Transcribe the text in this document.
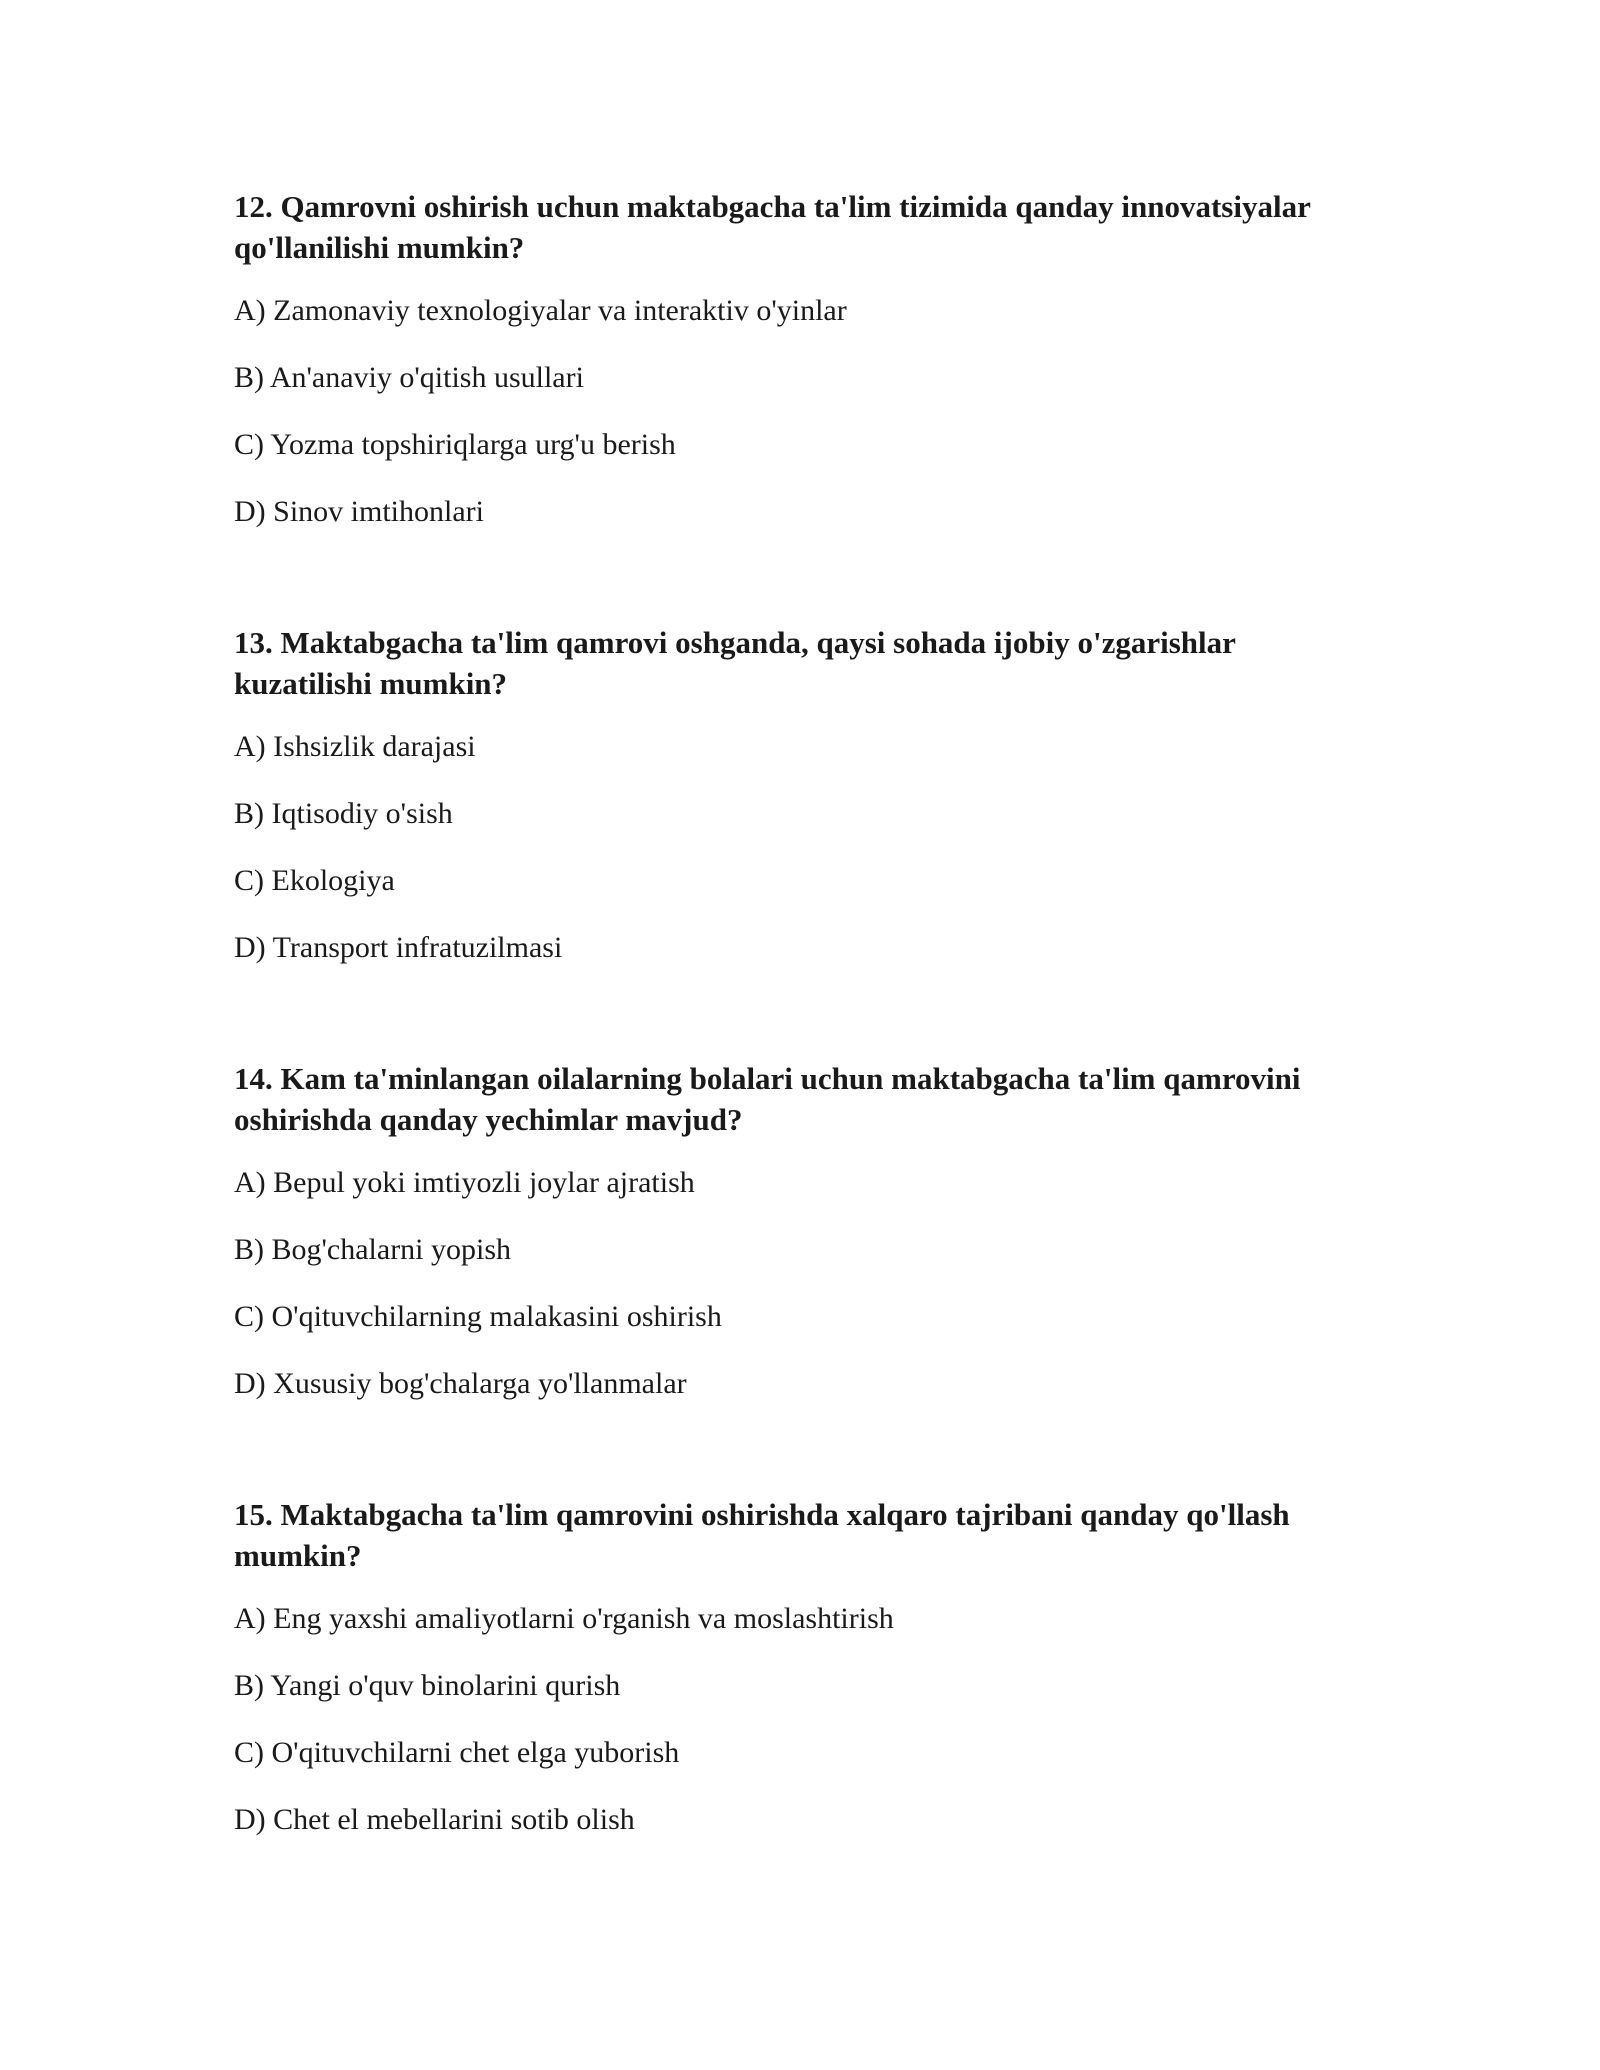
12. Qamrovni oshirish uchun maktabgacha ta'lim tizimida qanday innovatsiyalar qo'llanilishi mumkin?

A) Zamonaviy texnologiyalar va interaktiv o'yinlar

B) An'anaviy o'qitish usullari

C) Yozma topshiriqlarga urg'u berish

D) Sinov imtihonlari

13. Maktabgacha ta'lim qamrovi oshganda, qaysi sohada ijobiy o'zgarishlar kuzatilishi mumkin?

A) Ishsizlik darajasi

B) Iqtisodiy o'sish

C) Ekologiya

D) Transport infratuzilmasi

14. Kam ta'minlangan oilalarning bolalari uchun maktabgacha ta'lim qamrovini oshirishda qanday yechimlar mavjud?

A) Bepul yoki imtiyozli joylar ajratish

B) Bog'chalarni yopish

C) O'qituvchilarning malakasini oshirish

D) Xususiy bog'chalarga yo'llanmalar

15. Maktabgacha ta'lim qamrovini oshirishda xalqaro tajribani qanday qo'llash mumkin?

A) Eng yaxshi amaliyotlarni o'rganish va moslashtirish

B) Yangi o'quv binolarini qurish

C) O'qituvchilarni chet elga yuborish

D) Chet el mebellarini sotib olish
